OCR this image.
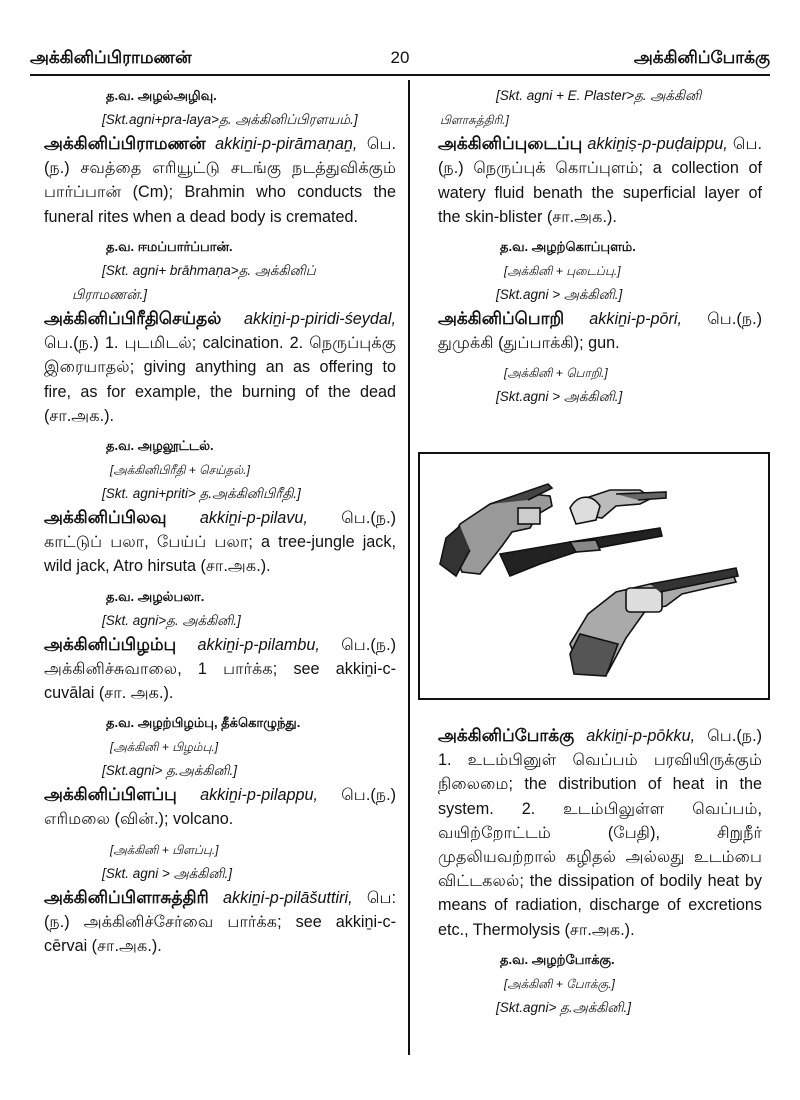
அக்கினிப்பிராமணன்	20	அக்கினிப்போக்கு
த.வ. அழல்அழிவு.
[Skt.agni+pra-laya>த. அக்கினிப்பிரளயம்.]
அக்கினிப்பிராமணன் akkiṉi-p-pirāmaṇaṉ, பெ.(ந.) சவத்தை எரியூட்டு சடங்கு நடத்துவிக்கும் பார்ப்பான் (Cm); Brahmin who conducts the funeral rites when a dead body is cremated.
த.வ. ஈமப்பார்ப்பான்.
[Skt. agni+ brāhmaṇa>த. அக்கினிப்
பிராமணன்.]
அக்கினிப்பிரீதிசெய்தல் akkiṉi-p-piridi-śeydal, பெ.(ந.) 1. புடமிடல்; calcination. 2. நெருப்புக்கு இரையாதல்; giving anything an as offering to fire, as for example, the burning of the dead (சா.அக.).
த.வ. அழலூட்டல்.
[அக்கினிபிரீதி + செய்தல்.]
[Skt. agni+priti> த.அக்கினிபிரீதி.]
அக்கினிப்பிலவு akkiṉi-p-pilavu, பெ.(ந.) காட்டுப் பலா, பேய்ப் பலா; a tree-jungle jack, wild jack, Atro hirsuta (சா.அக.).
த.வ. அழல்பலா.
[Skt. agni>த. அக்கினி.]
அக்கினிப்பிழம்பு akkiṉi-p-pilambu, பெ.(ந.) அக்கினிச்சுவாலை, 1 பார்க்க; see akkiṉi-c-cuvālai (சா. அக.).
த.வ. அழற்பிழம்பு, தீக்கொழுந்து.
[அக்கினி + பிழம்பு.]
[Skt.agni> த.அக்கினி.]
அக்கினிப்பிளப்பு akkiṉi-p-pilappu, பெ.(ந.) எரிமலை (வின்.); volcano.
[அக்கினி + பிளப்பு.]
[Skt. agni > அக்கினி.]
அக்கினிப்பிளாசுத்திரி akkiṉi-p-pilāšuttiri, பெ:(ந.) அக்கினிச்சேர்வை பார்க்க; see akkiṉi-c-cērvai (சா.அக.).
[Skt. agni + E. Plaster>த. அக்கினி
பிளாசுத்திரி.]
அக்கினிப்புடைப்பு akkiṉiṣ-p-puḍaippu, பெ.(ந.) நெருப்புக் கொப்புளம்; a collection of watery fluid benath the superficial layer of the skin-blister (சா.அக.).
த.வ. அழற்கொப்புளம்.
[அக்கினி + புடைப்பு.]
[Skt.agni > அக்கினி.]
அக்கினிப்பொறி akkiṉi-p-pōri, பெ.(ந.) துமுக்கி (துப்பாக்கி); gun.
[அக்கினி + பொறி.]
[Skt.agni > அக்கினி.]
அக்கினிப்போக்கு akkiṉi-p-pōkku, பெ.(ந.) 1. உடம்பினுள் வெப்பம் பரவியிருக்கும் நிலைமை; the distribution of heat in the system. 2. உடம்பிலுள்ள வெப்பம், வயிற்றோட்டம் (பேதி), சிறுநீர் முதலியவற்றால் கழிதல் அல்லது உடம்பை விட்டகலல்; the dissipation of bodily heat by means of radiation, discharge of excretions etc., Thermolysis (சா.அக.).
த.வ. அழற்போக்கு.
[அக்கினி + போக்கு.]
[Skt.agni> த.அக்கினி.]
